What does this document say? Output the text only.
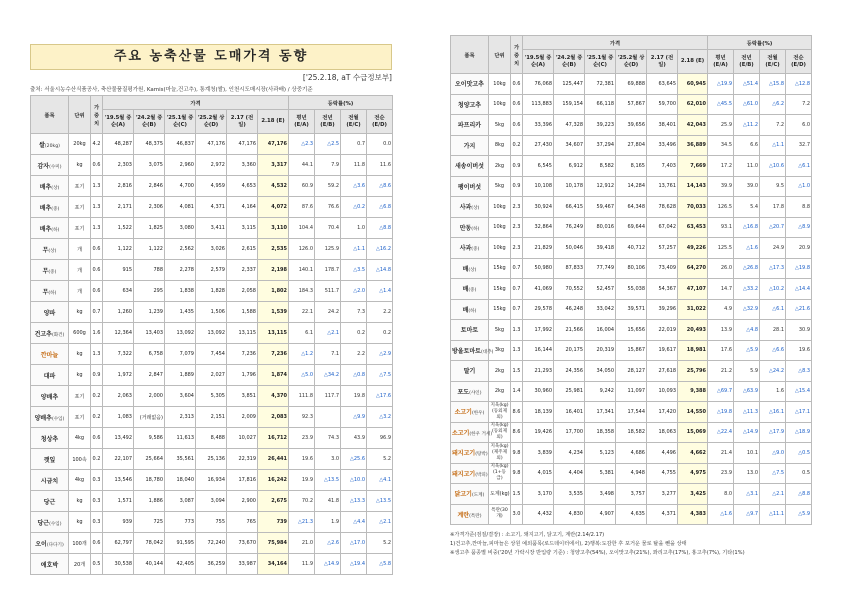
주요 농축산물 도매가격 동향
['25.2.18, aT 수급정보부]
출처: 서울시농수산식품공사, 축산물품질평가원, Kamis(마늘,건고추), 통계청(쌀), 인천시도매시장(사과배) / 상중기준
품목	단위	가중치	가격						등락률(%)			
			'19.5월 중순(A)	'24.2월 중순(B)	'25.1월 중순(C)	'25.2월 상순(D)	2.17 (전일)	2.18 (E)	평년 (E/A)	전년 (E/B)	전월 (E/C)	전순 (E/D)
쌀(20kg)	20kg	4.2	48,287	48,375	46,837	47,176	47,176	47,176	△2.3	△2.5	0.7	0.0
감자(수미)	kg	0.6	2,303	3,075	2,960	2,972	3,360	3,317	44.1	7.9	11.8	11.6
배추(상)	포기	1.3	2,816	2,846	4,700	4,959	4,653	4,532	60.9	59.2	△3.6	△8.6
배추(중)	포기	1.3	2,171	2,306	4,081	4,371	4,164	4,072	87.6	76.6	△0.2	△6.8
배추(하)	포기	1.3	1,522	1,825	3,080	3,411	3,115	3,110	104.4	70.4	1.0	△8.8
무(상)	개	0.6	1,122	1,122	2,562	3,026	2,615	2,535	126.0	125.9	△1.1	△16.2
무(중)	개	0.6	915	788	2,278	2,579	2,337	2,198	140.1	178.7	△3.5	△14.8
무(하)	개	0.6	634	295	1,838	1,828	2,058	1,802	184.3	511.7	△2.0	△1.4
양파	kg	0.7	1,260	1,239	1,435	1,506	1,588	1,539	22.1	24.2	7.3	2.2
건고추(화건)	600g	1.6	12,364	13,403	13,092	13,092	13,115	13,115	6.1	△2.1	0.2	0.2
깐마늘	kg	1.3	7,322	6,758	7,079	7,454	7,236	7,236	△1.2	7.1	2.2	△2.9
대파	kg	0.9	1,972	2,847	1,889	2,027	1,796	1,874	△5.0	△34.2	△0.8	△7.5
양배추	포기	0.2	2,063	2,000	3,604	5,305	3,851	4,370	111.8	117.7	19.8	△17.6
양배추(수입)	포기	0.2	1,083	(거래없음)	2,313	2,151	2,009	2,083	92.3		△9.9	△3.2
청상추	4kg	0.6	13,492	9,586	11,613	8,488	10,027	16,712	23.9	74.3	43.9	96.9
깻잎	100속	0.2	22,107	25,664	35,561	25,136	22,319	26,441	19.6	3.0	△25.6	5.2
시금치	4kg	0.3	13,546	18,780	18,040	16,934	17,816	16,242	19.9	△13.5	△10.0	△4.1
당근	kg	0.3	1,571	1,886	3,087	3,094	2,900	2,675	70.2	41.8	△13.3	△13.5
당근(수입)	kg	0.3	939	725	773	755	765	739	△21.3	1.9	△4.4	△2.1
오이(다다기)	100개	0.6	62,797	78,042	91,595	72,240	73,670	75,984	21.0	△2.6	△17.0	5.2
애호박	20개	0.5	30,538	40,144	42,405	36,259	33,987	34,164	11.9	△14.9	△19.4	△5.8
품목	단위	가중치	가격						등락률(%)			
			'19.5월 중순(A)	'24.2월 중순(B)	'25.1월 중순(C)	'25.2월 상순(D)	2.17 (전일)	2.18 (E)	평년 (E/A)	전년 (E/B)	전월 (E/C)	전순 (E/D)
오이맛고추	10kg	0.6	76,068	125,447	72,381	69,888	63,645	60,945	△19.9	△51.4	△15.8	△12.8
청양고추	10kg	0.6	113,883	159,154	66,118	57,867	59,700	62,010	△45.5	△61.0	△6.2	7.2
파프리카	5kg	0.6	33,396	47,328	39,223	39,656	38,401	42,043	25.9	△11.2	7.2	6.0
가지	8kg	0.2	27,430	34,607	37,294	27,804	33,496	36,889	34.5	6.6	△1.1	32.7
새송이버섯	2kg	0.9	6,545	6,912	8,582	8,165	7,403	7,669	17.2	11.0	△10.6	△6.1
팽이버섯	5kg	0.9	10,108	10,178	12,912	14,284	13,761	14,143	39.9	39.0	9.5	△1.0
사과(상)	10kg	2.3	30,924	66,415	59,467	64,348	78,628	70,033	126.5	5.4	17.8	8.8
만동(하)	10kg	2.3	32,864	76,249	80,016	69,644	67,042	63,453	93.1	△16.8	△20.7	△8.9
사과(중)	10kg	2.3	21,829	50,046	39,418	40,712	57,257	49,226	125.5	△1.6	24.9	20.9
배(상)	15kg	0.7	50,980	87,833	77,749	80,106	73,409	64,270	26.0	△26.8	△17.3	△19.8
배(중)	15kg	0.7	41,069	70,552	52,457	55,038	54,367	47,107	14.7	△33.2	△10.2	△14.4
배(하)	15kg	0.7	29,578	46,248	33,042	39,571	39,296	31,022	4.9	△32.9	△6.1	△21.6
토마토	5kg	1.3	17,992	21,566	16,004	15,656	22,019	20,493	13.9	△4.8	28.1	30.9
방울토마토(대추)	3kg	1.3	16,144	20,175	20,319	15,867	19,617	18,981	17.6	△5.9	△6.6	19.6
딸기	2kg	1.5	21,293	24,356	34,050	28,127	27,618	25,796	21.2	5.9	△24.2	△8.3
포도(샤인)	2kg	1.4	30,960	25,981	9,242	11,097	10,093	9,388	△69.7	△63.9	1.6	△15.4
소고기(한우)	지육(kg) (등외제외)	8.6	18,139	16,401	17,341	17,544	17,420	14,550	△19.8	△11.3	△16.1	△17.1
소고기(한우 거세)	지육(kg) (등외제외)	8.6	19,426	17,700	18,358	18,582	18,063	15,069	△22.4	△14.9	△17.9	△18.9
돼지고기(탕박)	지육(kg) (제주제외)	9.8	3,839	4,234	5,123	4,686	4,496	4,662	21.4	10.1	△9.0	△0.5
돼지고기(박피)	지육(kg) (1+등급)	9.8	4,015	4,404	5,381	4,948	4,755	4,975	23.9	13.0	△7.5	0.5
닭고기(도계)	도계(kg)	1.5	3,170	3,535	3,498	3,757	3,277	3,425	8.0	△3.1	△2.1	△8.8
계란(특란)	특란(30개)	3.0	4,432	4,830	4,907	4,635	4,371	4,383	△1.6	△9.7	△11.1	△5.9
※가격가준(검질/결장) : 소고기, 돼지고기, 닭고기, 계란(2.14/2.17)
1)건고추,깐마늘,피마늘은 상원 예외품목(로드데이터에서), 2)행복:도감한 후 포거운 물로 탈을 뺀을 상태
※생고추 품종별 비중('20년 가락시장 반입량 기준) : 청양고추(54%), 오이맛고추(21%), 꽈리고추(17%), 홍고추(7%), 기타(1%)
